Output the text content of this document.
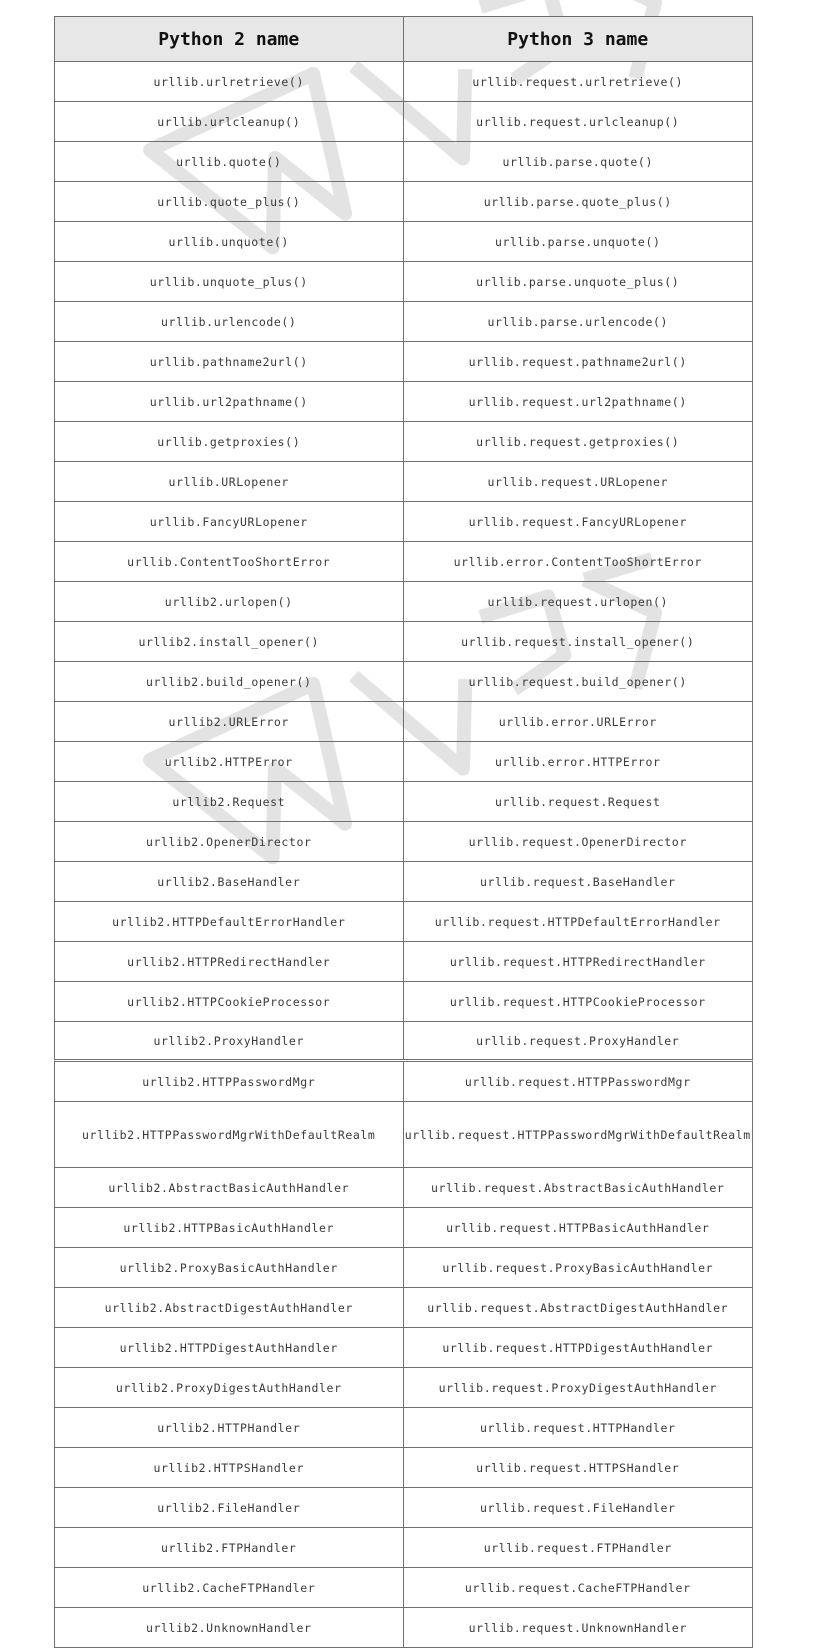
Python 2 name	Python 3 name
urllib.urlretrieve()	urllib.request.urlretrieve()
urllib.urlcleanup()	urllib.request.urlcleanup()
urllib.quote()	urllib.parse.quote()
urllib.quote_plus()	urllib.parse.quote_plus()
urllib.unquote()	urllib.parse.unquote()
urllib.unquote_plus()	urllib.parse.unquote_plus()
urllib.urlencode()	urllib.parse.urlencode()
urllib.pathname2url()	urllib.request.pathname2url()
urllib.url2pathname()	urllib.request.url2pathname()
urllib.getproxies()	urllib.request.getproxies()
urllib.URLopener	urllib.request.URLopener
urllib.FancyURLopener	urllib.request.FancyURLopener
urllib.ContentTooShortError	urllib.error.ContentTooShortError
urllib2.urlopen()	urllib.request.urlopen()
urllib2.install_opener()	urllib.request.install_opener()
urllib2.build_opener()	urllib.request.build_opener()
urllib2.URLError	urllib.error.URLError
urllib2.HTTPError	urllib.error.HTTPError
urllib2.Request	urllib.request.Request
urllib2.OpenerDirector	urllib.request.OpenerDirector
urllib2.BaseHandler	urllib.request.BaseHandler
urllib2.HTTPDefaultErrorHandler	urllib.request.HTTPDefaultErrorHandler
urllib2.HTTPRedirectHandler	urllib.request.HTTPRedirectHandler
urllib2.HTTPCookieProcessor	urllib.request.HTTPCookieProcessor
urllib2.ProxyHandler	urllib.request.ProxyHandler
urllib2.HTTPPasswordMgr	urllib.request.HTTPPasswordMgr
urllib2.HTTPPasswordMgrWithDefaultRealm	urllib.request.HTTPPasswordMgrWithDefaultRealm
urllib2.AbstractBasicAuthHandler	urllib.request.AbstractBasicAuthHandler
urllib2.HTTPBasicAuthHandler	urllib.request.HTTPBasicAuthHandler
urllib2.ProxyBasicAuthHandler	urllib.request.ProxyBasicAuthHandler
urllib2.AbstractDigestAuthHandler	urllib.request.AbstractDigestAuthHandler
urllib2.HTTPDigestAuthHandler	urllib.request.HTTPDigestAuthHandler
urllib2.ProxyDigestAuthHandler	urllib.request.ProxyDigestAuthHandler
urllib2.HTTPHandler	urllib.request.HTTPHandler
urllib2.HTTPSHandler	urllib.request.HTTPSHandler
urllib2.FileHandler	urllib.request.FileHandler
urllib2.FTPHandler	urllib.request.FTPHandler
urllib2.CacheFTPHandler	urllib.request.CacheFTPHandler
urllib2.UnknownHandler	urllib.request.UnknownHandler
